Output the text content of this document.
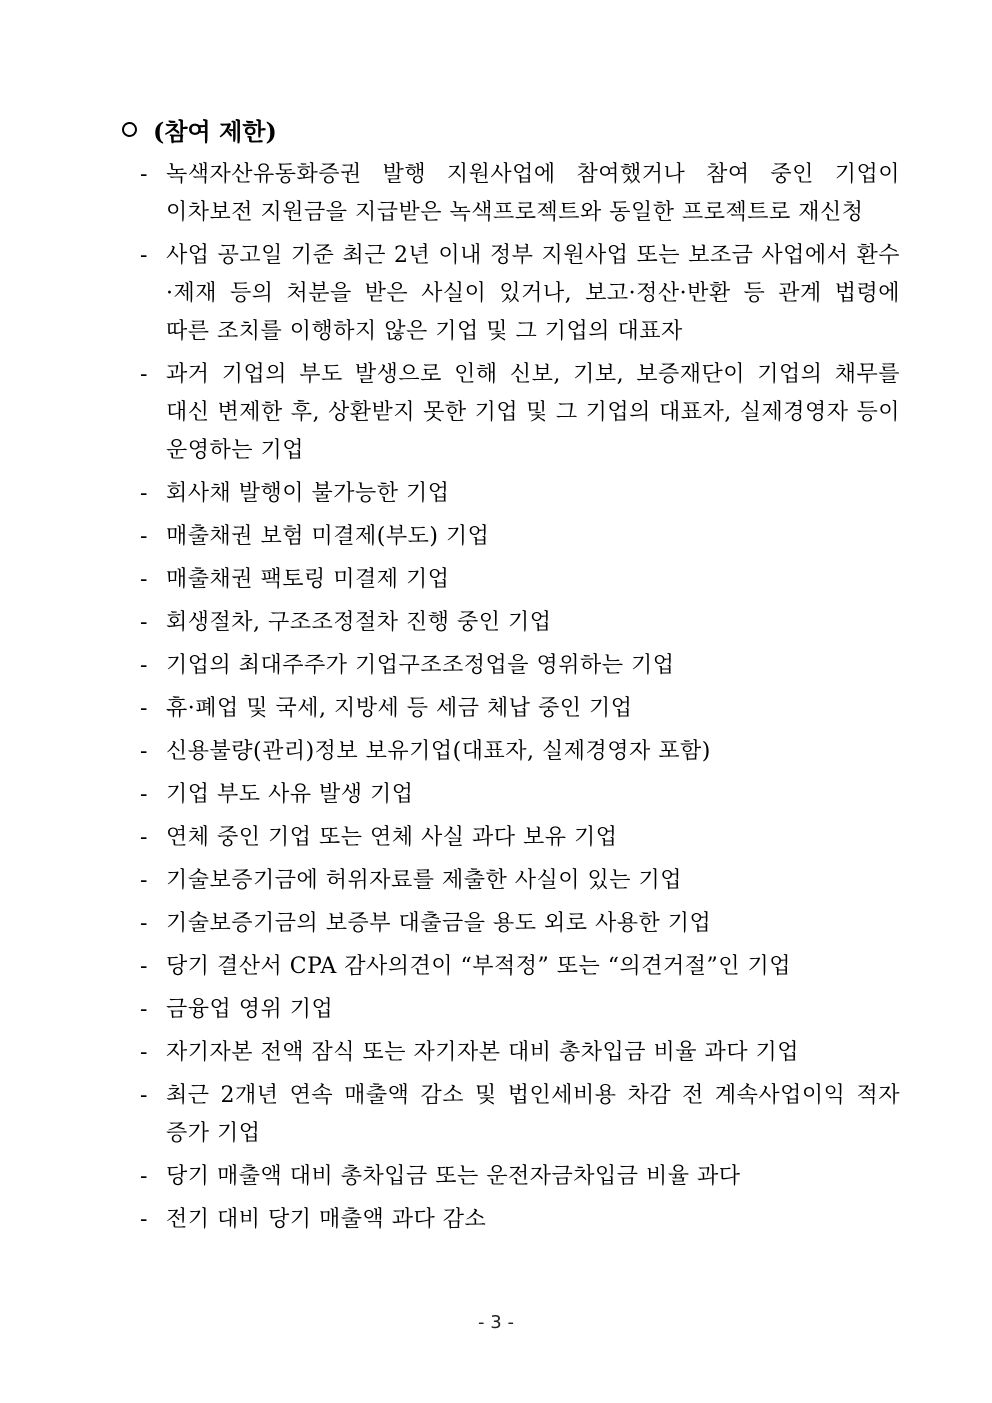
(참여 제한)
- 녹색자산유동화증권 발행 지원사업에 참여했거나 참여 중인 기업이 이차보전 지원금을 지급받은 녹색프로젝트와 동일한 프로젝트로 재신청
- 사업 공고일 기준 최근 2년 이내 정부 지원사업 또는 보조금 사업에서 환수·제재 등의 처분을 받은 사실이 있거나, 보고·정산·반환 등 관계 법령에 따른 조치를 이행하지 않은 기업 및 그 기업의 대표자
- 과거 기업의 부도 발생으로 인해 신보, 기보, 보증재단이 기업의 채무를 대신 변제한 후, 상환받지 못한 기업 및 그 기업의 대표자, 실제경영자 등이 운영하는 기업
- 회사채 발행이 불가능한 기업
- 매출채권 보험 미결제(부도) 기업
- 매출채권 팩토링 미결제 기업
- 회생절차, 구조조정절차 진행 중인 기업
- 기업의 최대주주가 기업구조조정업을 영위하는 기업
- 휴·폐업 및 국세, 지방세 등 세금 체납 중인 기업
- 신용불량(관리)정보 보유기업(대표자, 실제경영자 포함)
- 기업 부도 사유 발생 기업
- 연체 중인 기업 또는 연체 사실 과다 보유 기업
- 기술보증기금에 허위자료를 제출한 사실이 있는 기업
- 기술보증기금의 보증부 대출금을 용도 외로 사용한 기업
- 당기 결산서 CPA 감사의견이 “부적정” 또는 “의견거절”인 기업
- 금융업 영위 기업
- 자기자본 전액 잠식 또는 자기자본 대비 총차입금 비율 과다 기업
- 최근 2개년 연속 매출액 감소 및 법인세비용 차감 전 계속사업이익 적자 증가 기업
- 당기 매출액 대비 총차입금 또는 운전자금차입금 비율 과다
- 전기 대비 당기 매출액 과다 감소
- 3 -
